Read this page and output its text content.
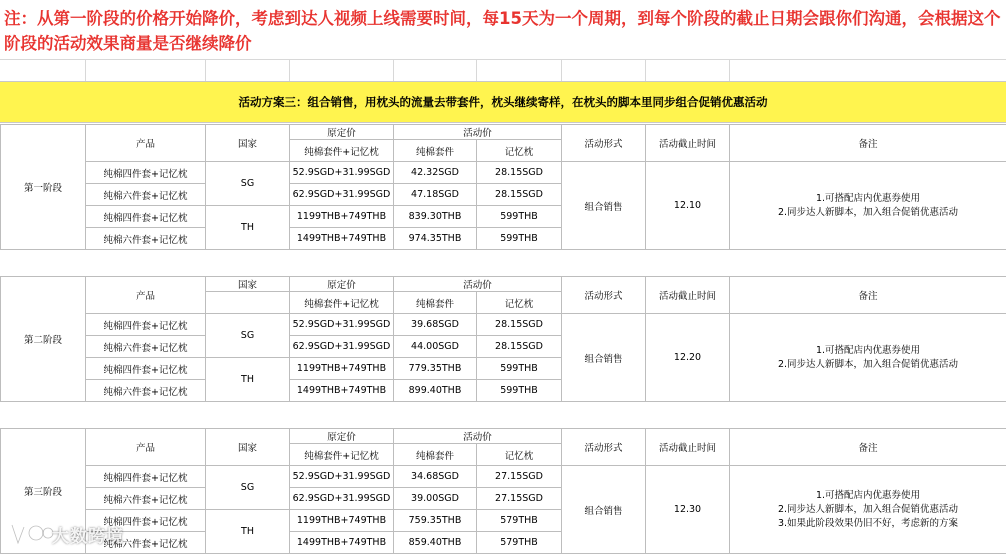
注：从第一阶段的价格开始降价，考虑到达人视频上线需要时间，每15天为一个周期，到每个阶段的截止日期会跟你们沟通，会根据这个阶段的活动效果商量是否继续降价
活动方案三：组合销售，用枕头的流量去带套件，枕头继续寄样，在枕头的脚本里同步组合促销优惠活动
第一阶段	产品	国家	原定价	活动价		活动形式	活动截止时间	备注
			纯棉套件+记忆枕	纯棉套件	记忆枕			
	纯棉四件套+记忆枕	SG	52.9SGD+31.99SGD	42.32SGD	28.15SGD	组合销售	12.10	1.可搭配店内优惠券使用
2.同步达人新脚本，加入组合促销优惠活动

	纯棉六件套+记忆枕		62.9SGD+31.99SGD	47.18SGD	28.15SGD			
	纯棉四件套+记忆枕	TH	1199THB+749THB	839.30THB	599THB			
	纯棉六件套+记忆枕		1499THB+749THB	974.35THB	599THB			
第二阶段	产品	国家	原定价	活动价		活动形式	活动截止时间	备注
			纯棉套件+记忆枕	纯棉套件	记忆枕			
	纯棉四件套+记忆枕	SG	52.9SGD+31.99SGD	39.68SGD	28.15SGD	组合销售	12.20	1.可搭配店内优惠券使用
2.同步达人新脚本，加入组合促销优惠活动

	纯棉六件套+记忆枕		62.9SGD+31.99SGD	44.00SGD	28.15SGD			
	纯棉四件套+记忆枕	TH	1199THB+749THB	779.35THB	599THB			
	纯棉六件套+记忆枕		1499THB+749THB	899.40THB	599THB			
第三阶段	产品	国家	原定价	活动价		活动形式	活动截止时间	备注
			纯棉套件+记忆枕	纯棉套件	记忆枕			
	纯棉四件套+记忆枕	SG	52.9SGD+31.99SGD	34.68SGD	27.15SGD	组合销售	12.30	1.可搭配店内优惠券使用
2.同步达人新脚本，加入组合促销优惠活动
3.如果此阶段效果仍旧不好，考虑新的方案

	纯棉六件套+记忆枕		62.9SGD+31.99SGD	39.00SGD	27.15SGD			
	纯棉四件套+记忆枕	TH	1199THB+749THB	759.35THB	579THB			
	纯棉六件套+记忆枕		1499THB+749THB	859.40THB	579THB			
大数跨境
